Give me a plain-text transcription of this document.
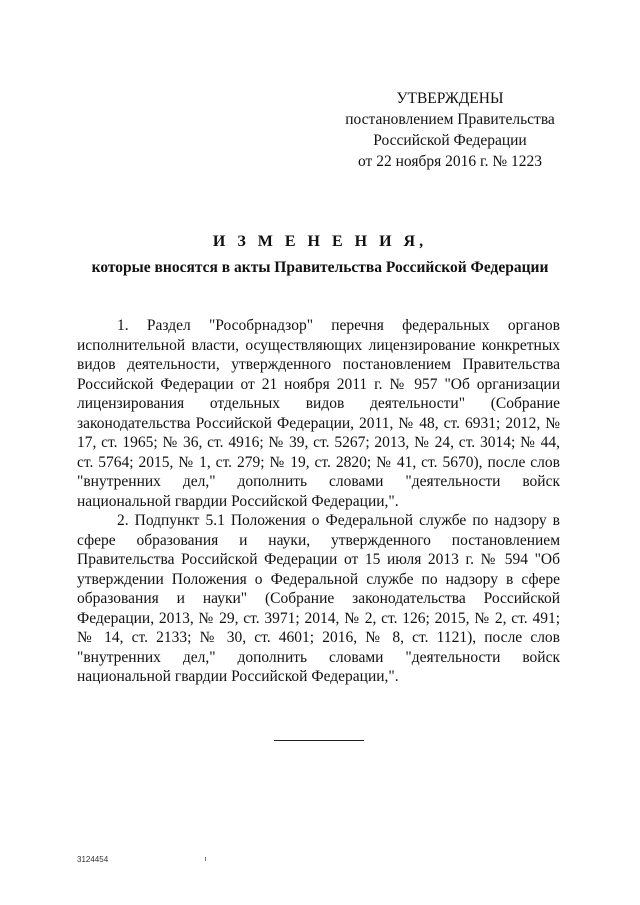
УТВЕРЖДЕНЫ
постановлением Правительства
Российской Федерации
от 22 ноября 2016 г. № 1223
И З М Е Н Е Н И Я,
которые вносятся в акты Правительства Российской Федерации

1. Раздел "Рособрнадзор" перечня федеральных органов исполнительной власти, осуществляющих лицензирование конкретных видов деятельности, утвержденного постановлением Правительства Российской Федерации от 21 ноября 2011 г. № 957 "Об организации лицензирования отдельных видов деятельности" (Собрание законодательства Российской Федерации, 2011, № 48, ст. 6931; 2012, № 17, ст. 1965; № 36, ст. 4916; № 39, ст. 5267; 2013, № 24, ст. 3014; № 44, ст. 5764; 2015, № 1, ст. 279; № 19, ст. 2820; № 41, ст. 5670), после слов "внутренних дел," дополнить словами "деятельности войск национальной гвардии Российской Федерации,".

2. Подпункт 5.1 Положения о Федеральной службе по надзору в сфере образования и науки, утвержденного постановлением Правительства Российской Федерации от 15 июля 2013 г. № 594 "Об утверждении Положения о Федеральной службе по надзору в сфере образования и науки" (Собрание законодательства Российской Федерации, 2013, № 29, ст. 3971; 2014, № 2, ст. 126; 2015, № 2, ст. 491; № 14, ст. 2133; № 30, ст. 4601; 2016, № 8, ст. 1121), после слов "внутренних дел," дополнить словами "деятельности войск национальной гвардии Российской Федерации,".

3124454
